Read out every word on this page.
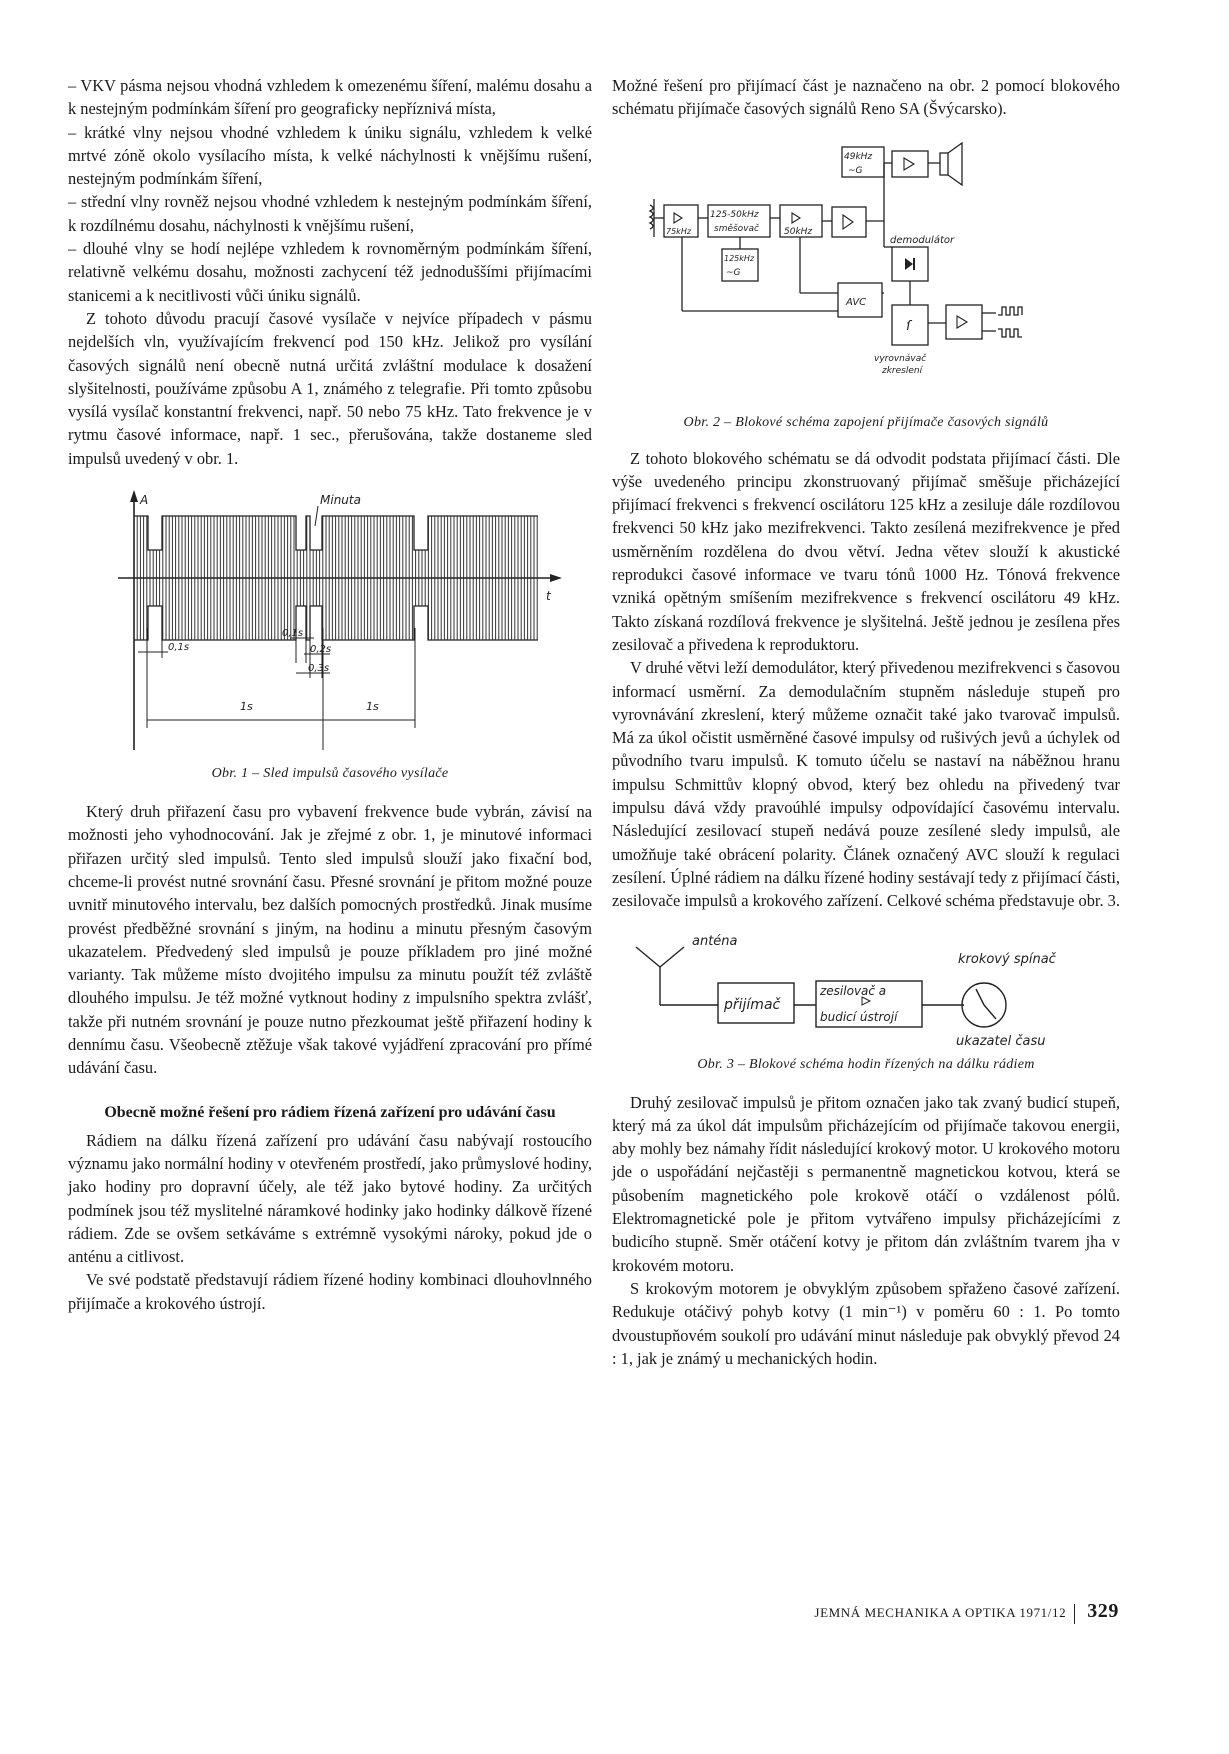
– VKV pásma nejsou vhodná vzhledem k omezenému šíření, malému dosahu a k nestejným podmínkám šíření pro geograficky nepříznivá místa,

– krátké vlny nejsou vhodné vzhledem k úniku signálu, vzhledem k velké mrtvé zóně okolo vysílacího místa, k velké náchylnosti k vnějšímu rušení, nestejným podmínkám šíření,

– střední vlny rovněž nejsou vhodné vzhledem k nestejným podmínkám šíření, k rozdílnému dosahu, náchylnosti k vnějšímu rušení,

– dlouhé vlny se hodí nejlépe vzhledem k rovnoměrným podmínkám šíření, relativně velkému dosahu, možnosti zachycení též jednoduššími přijímacími stanicemi a k necitlivosti vůči úniku signálů.

Z tohoto důvodu pracují časové vysílače v nejvíce případech v pásmu nejdelších vln, využívajícím frekvencí pod 150 kHz. Jelikož pro vysílání časových signálů není obecně nutná určitá zvláštní modulace k dosažení slyšitelnosti, používáme způsobu A 1, známého z telegrafie. Při tomto způsobu vysílá vysílač konstantní frekvenci, např. 50 nebo 75 kHz. Tato frekvence je v rytmu časové informace, např. 1 sec., přerušována, takže dostaneme sled impulsů uvedený v obr. 1.

A	Minuta
t
0,1s
0,1s
0,2s
0,3s
1s	1s
Obr. 1 – Sled impulsů časového vysílače

Který druh přiřazení času pro vybavení frekvence bude vybrán, závisí na možnosti jeho vyhodnocování. Jak je zřejmé z obr. 1, je minutové informaci přiřazen určitý sled impulsů. Tento sled impulsů slouží jako fixační bod, chceme-li provést nutné srovnání času. Přesné srovnání je přitom možné pouze uvnitř minutového intervalu, bez dalších pomocných prostředků. Jinak musíme provést předběžné srovnání s jiným, na hodinu a minutu přesným časovým ukazatelem. Předvedený sled impulsů je pouze příkladem pro jiné možné varianty. Tak můžeme místo dvojitého impulsu za minutu použít též zvláště dlouhého impulsu. Je též možné vytknout hodiny z impulsního spektra zvlášť, takže při nutném srovnání je pouze nutno přezkoumat ještě přiřazení hodiny k dennímu času. Všeobecně ztěžuje však takové vyjádření zpracování pro přímé udávání času.

Obecně možné řešení pro rádiem řízená zařízení pro udávání času

Rádiem na dálku řízená zařízení pro udávání času nabývají rostoucího významu jako normální hodiny v otevřeném prostředí, jako průmyslové hodiny, jako hodiny pro dopravní účely, ale též jako bytové hodiny. Za určitých podmínek jsou též myslitelné náramkové hodinky jako hodinky dálkově řízené rádiem. Zde se ovšem setkáváme s extrémně vysokými nároky, pokud jde o anténu a citlivost.

Ve své podstatě představují rádiem řízené hodiny kombinaci dlouhovlnného přijímače a krokového ústrojí.

Možné řešení pro přijímací část je naznačeno na obr. 2 pomocí blokového schématu přijímače časových signálů Reno SA (Švýcarsko).

49kHz
~G
75kHz
125-50kHz
směšovač	50kHz
125kHz
~G
demodulátor
AVC
ſ
vyrovnávač
zkreslení
Obr. 2 – Blokové schéma zapojení přijímače časových signálů

Z tohoto blokového schématu se dá odvodit podstata přijímací části. Dle výše uvedeného principu zkonstruovaný přijímač směšuje přicházející přijímací frekvenci s frekvencí oscilátoru 125 kHz a zesiluje dále rozdílovou frekvenci 50 kHz jako mezifrekvenci. Takto zesílená mezifrekvence je před usměrněním rozdělena do dvou větví. Jedna větev slouží k akustické reprodukci časové informace ve tvaru tónů 1000 Hz. Tónová frekvence vzniká opětným smíšením mezifrekvence s frekvencí oscilátoru 49 kHz. Takto získaná rozdílová frekvence je slyšitelná. Ještě jednou je zesílena přes zesilovač a přivedena k reproduktoru.

V druhé větvi leží demodulátor, který přivedenou mezifrekvenci s časovou informací usměrní. Za demodulačním stupněm následuje stupeň pro vyrovnávání zkreslení, který můžeme označit také jako tvarovač impulsů. Má za úkol očistit usměrněné časové impulsy od rušivých jevů a úchylek od původního tvaru impulsů. K tomuto účelu se nastaví na náběžnou hranu impulsu Schmittův klopný obvod, který bez ohledu na přivedený tvar impulsu dává vždy pravoúhlé impulsy odpovídající časovému intervalu. Následující zesilovací stupeň nedává pouze zesílené sledy impulsů, ale umožňuje také obrácení polarity. Článek označený AVC slouží k regulaci zesílení. Úplné rádiem na dálku řízené hodiny sestávají tedy z přijímací části, zesilovače impulsů a krokového zařízení. Celkové schéma představuje obr. 3.

anténa
přijímač
zesilovač a
budicí ústrojí
krokový spínač
ukazatel času
Obr. 3 – Blokové schéma hodin řízených na dálku rádiem

Druhý zesilovač impulsů je přitom označen jako tak zvaný budicí stupeň, který má za úkol dát impulsům přicházejícím od přijímače takovou energii, aby mohly bez námahy řídit následující krokový motor. U krokového motoru jde o uspořádání nejčastěji s permanentně magnetickou kotvou, která se působením magnetického pole krokově otáčí o vzdálenost pólů. Elektromagnetické pole je přitom vytvářeno impulsy přicházejícími z budicího stupně. Směr otáčení kotvy je přitom dán zvláštním tvarem jha v krokovém motoru.

S krokovým motorem je obvyklým způsobem spřaženo časové zařízení. Redukuje otáčivý pohyb kotvy (1 min⁻¹) v poměru 60 : 1. Po tomto dvoustupňovém soukolí pro udávání minut následuje pak obvyklý převod 24 : 1, jak je známý u mechanických hodin.

JEMNÁ MECHANIKA A OPTIKA 1971/12 329
